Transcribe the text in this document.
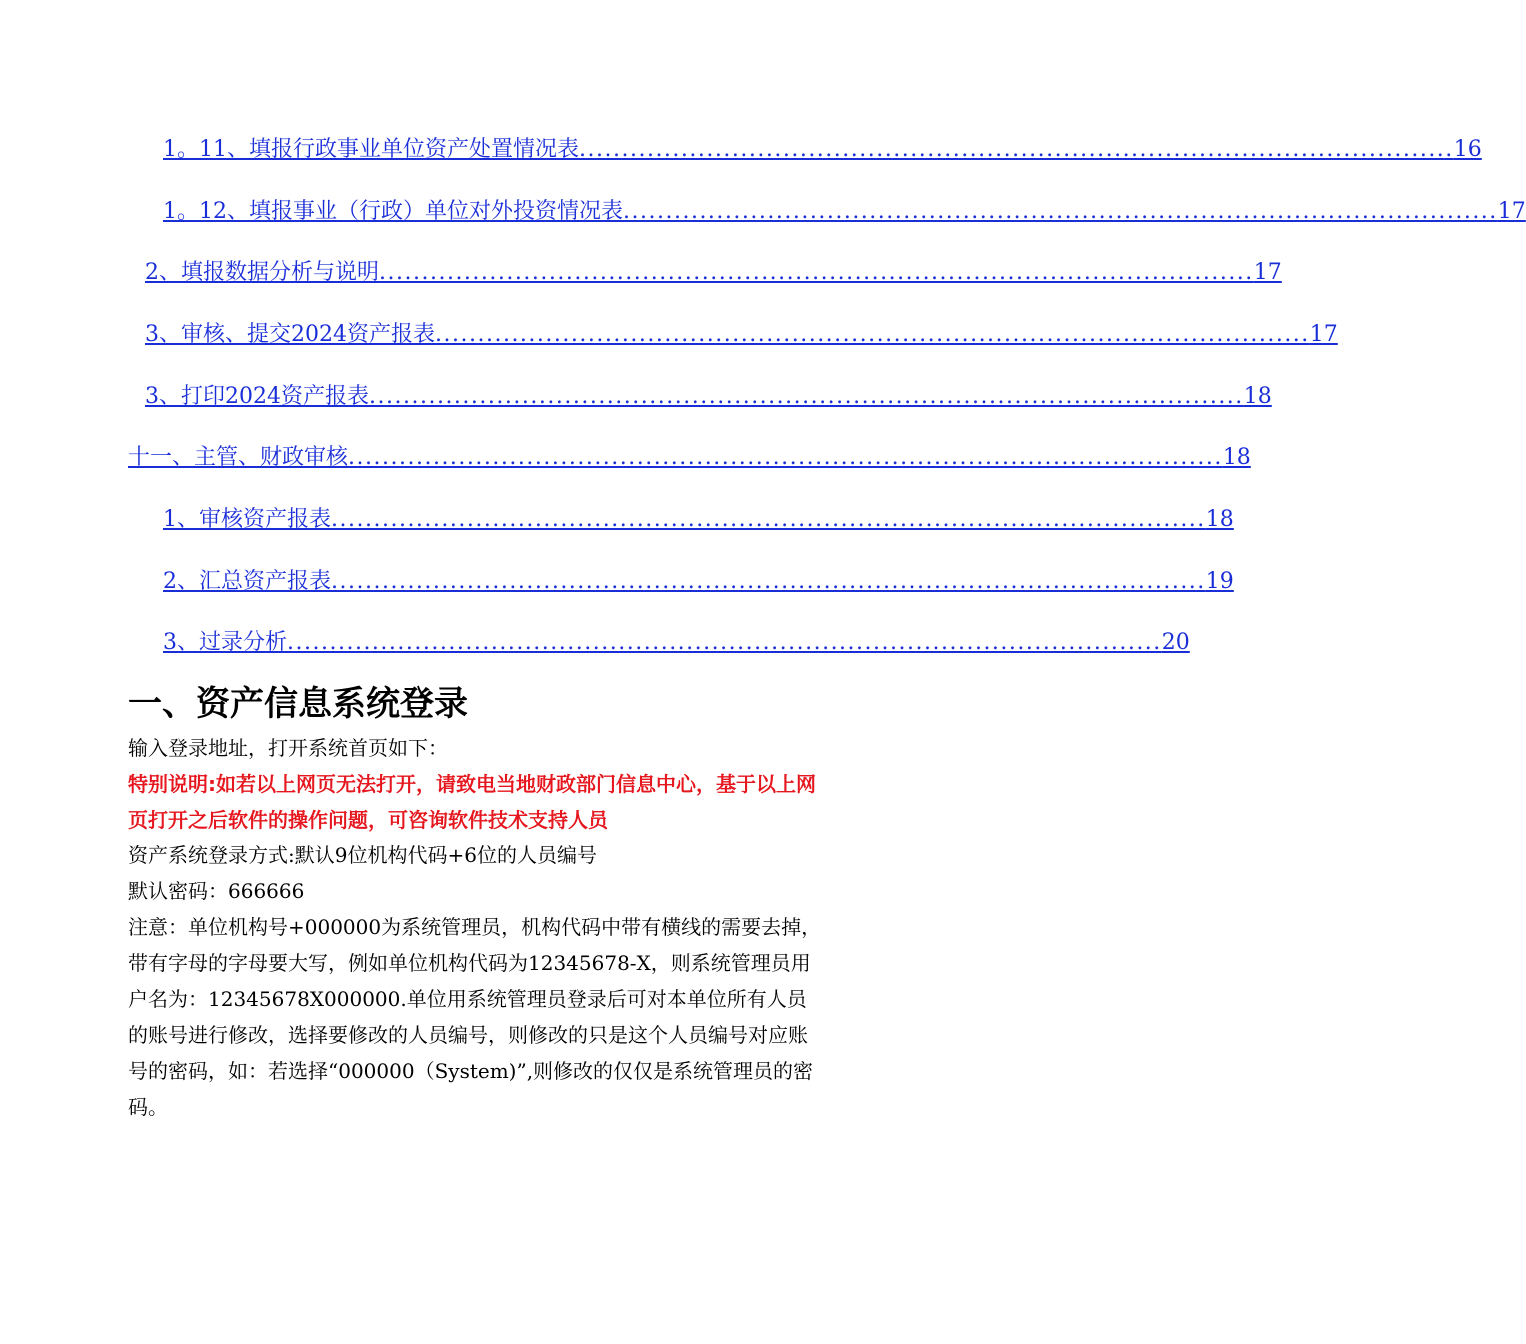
1。11、填报行政事业单位资产处置情况表 ....................................................................................................... 16
1。12、填报事业（行政）单位对外投资情况表 ....................................................................................................... 17
2、填报数据分析与说明 ....................................................................................................... 17
3、审核、提交2024资产报表 ....................................................................................................... 17
3、打印2024资产报表 ....................................................................................................... 18
十一、主管、财政审核 ....................................................................................................... 18
1、审核资产报表 ....................................................................................................... 18
2、汇总资产报表 ....................................................................................................... 19
3、过录分析 ....................................................................................................... 20
一、资产信息系统登录

输入登录地址，打开系统首页如下：

特别说明:如若以上网页无法打开，请致电当地财政部门信息中心，基于以上网页打开之后软件的操作问题，可咨询软件技术支持人员

资产系统登录方式:默认9位机构代码+6位的人员编号

默认密码：666666

注意：单位机构号+000000为系统管理员，机构代码中带有横线的需要去掉，带有字母的字母要大写，例如单位机构代码为12345678-X，则系统管理员用户名为：12345678X000000.单位用系统管理员登录后可对本单位所有人员的账号进行修改，选择要修改的人员编号，则修改的只是这个人员编号对应账号的密码，如：若选择“000000（System)”,则修改的仅仅是系统管理员的密码。
